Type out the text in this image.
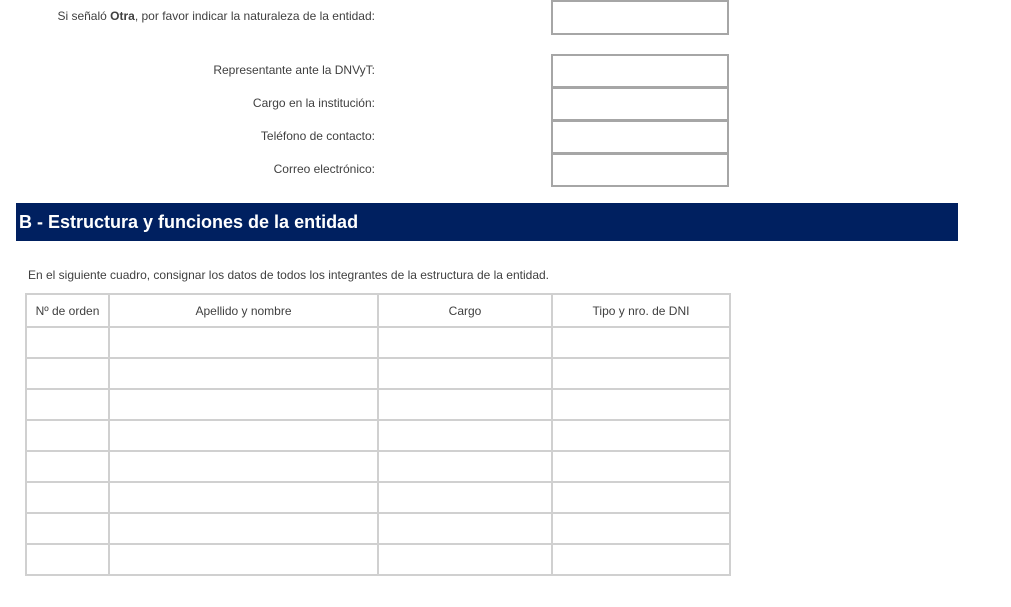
Si señaló Otra, por favor indicar la naturaleza de la entidad:
Representante ante la DNVyT:
Cargo en la institución:
Teléfono de contacto:
Correo electrónico:
B - Estructura y funciones de la entidad
En el siguiente cuadro, consignar los datos de todos los integrantes de la estructura de la entidad.
Nº de orden	Apellido y nombre	Cargo	Tipo y nro. de DNI
